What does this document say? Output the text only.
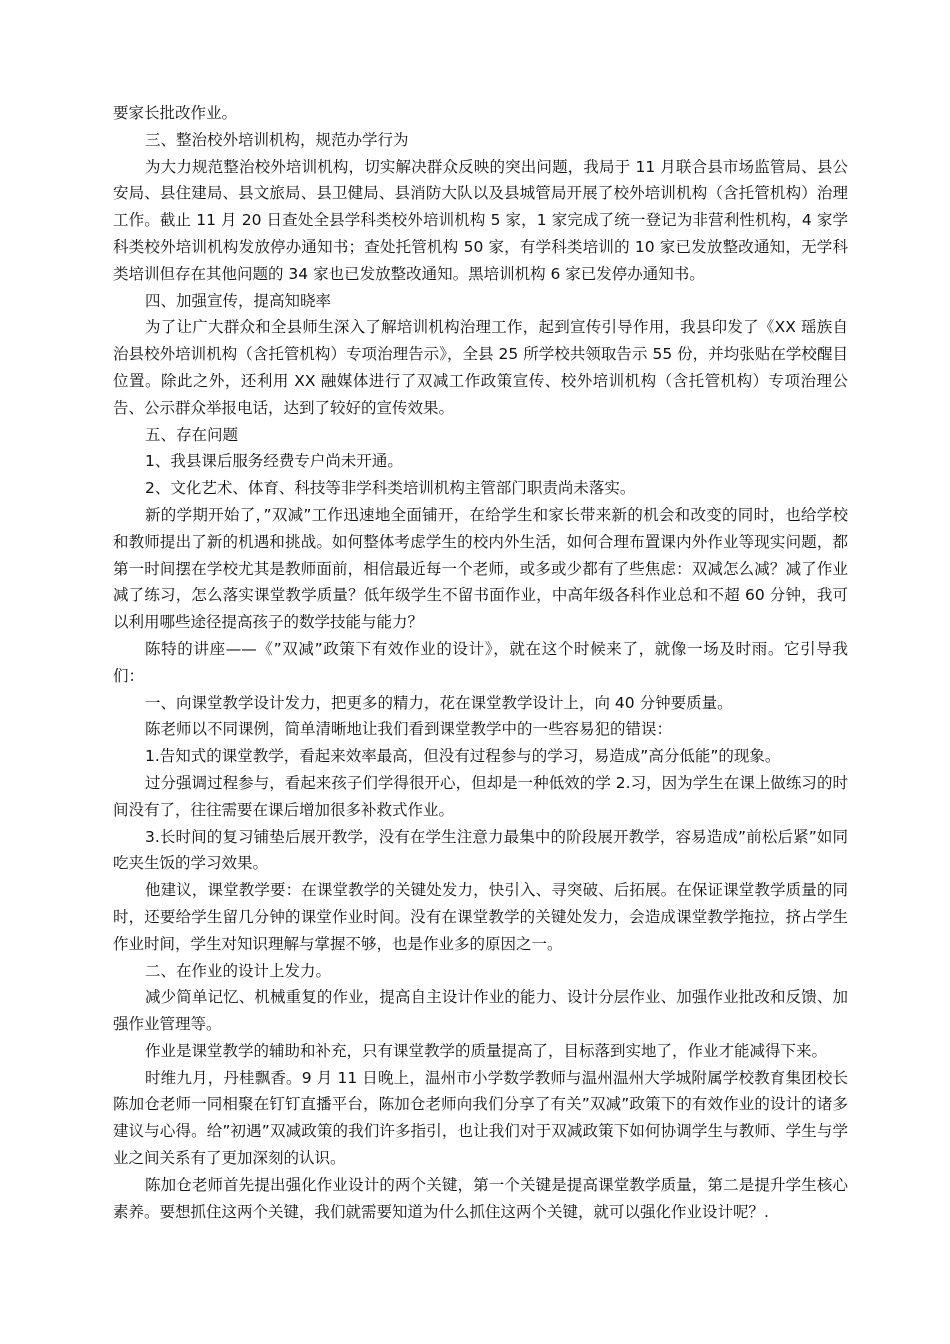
要家长批改作业。

三、整治校外培训机构，规范办学行为

为大力规范整治校外培训机构，切实解决群众反映的突出问题，我局于 11 月联合县市场监管局、县公安局、县住建局、县文旅局、县卫健局、县消防大队以及县城管局开展了校外培训机构（含托管机构）治理工作。截止 11 月 20 日查处全县学科类校外培训机构 5 家，1 家完成了统一登记为非营利性机构，4 家学科类校外培训机构发放停办通知书；查处托管机构 50 家，有学科类培训的 10 家已发放整改通知，无学科类培训但存在其他问题的 34 家也已发放整改通知。黑培训机构 6 家已发停办通知书。

四、加强宣传，提高知晓率

为了让广大群众和全县师生深入了解培训机构治理工作，起到宣传引导作用，我县印发了《XX 瑶族自治县校外培训机构（含托管机构）专项治理告示》，全县 25 所学校共领取告示 55 份，并均张贴在学校醒目位置。除此之外，还利用 XX 融媒体进行了双减工作政策宣传、校外培训机构（含托管机构）专项治理公告、公示群众举报电话，达到了较好的宣传效果。

五、存在问题

1、我县课后服务经费专户尚未开通。

2、文化艺术、体育、科技等非学科类培训机构主管部门职责尚未落实。

新的学期开始了，”双减”工作迅速地全面铺开，在给学生和家长带来新的机会和改变的同时，也给学校和教师提出了新的机遇和挑战。如何整体考虑学生的校内外生活，如何合理布置课内外作业等现实问题，都第一时间摆在学校尤其是教师面前，相信最近每一个老师，或多或少都有了些焦虑：双减怎么减？减了作业减了练习，怎么落实课堂教学质量？低年级学生不留书面作业，中高年级各科作业总和不超 60 分钟，我可以利用哪些途径提高孩子的数学技能与能力？

陈特的讲座——《”双减”政策下有效作业的设计》，就在这个时候来了，就像一场及时雨。它引导我们：

一、向课堂教学设计发力，把更多的精力，花在课堂教学设计上，向 40 分钟要质量。

陈老师以不同课例，简单清晰地让我们看到课堂教学中的一些容易犯的错误：

1.告知式的课堂教学，看起来效率最高，但没有过程参与的学习，易造成”高分低能”的现象。

过分强调过程参与，看起来孩子们学得很开心，但却是一种低效的学 2.习，因为学生在课上做练习的时间没有了，往往需要在课后增加很多补救式作业。

3.长时间的复习铺垫后展开教学，没有在学生注意力最集中的阶段展开教学，容易造成”前松后紧”如同吃夹生饭的学习效果。

他建议，课堂教学要：在课堂教学的关键处发力，快引入、寻突破、后拓展。在保证课堂教学质量的同时，还要给学生留几分钟的课堂作业时间。没有在课堂教学的关键处发力，会造成课堂教学拖拉，挤占学生作业时间，学生对知识理解与掌握不够，也是作业多的原因之一。

二、在作业的设计上发力。

减少简单记忆、机械重复的作业，提高自主设计作业的能力、设计分层作业、加强作业批改和反馈、加强作业管理等。

作业是课堂教学的辅助和补充，只有课堂教学的质量提高了，目标落到实地了，作业才能减得下来。

时维九月，丹桂飘香。9 月 11 日晚上，温州市小学数学教师与温州温州大学城附属学校教育集团校长陈加仓老师一同相聚在钉钉直播平台，陈加仓老师向我们分享了有关”双减”政策下的有效作业的设计的诸多建议与心得。给”初遇”双减政策的我们许多指引，也让我们对于双减政策下如何协调学生与教师、学生与学业之间关系有了更加深刻的认识。

陈加仓老师首先提出强化作业设计的两个关键，第一个关键是提高课堂教学质量，第二是提升学生核心素养。要想抓住这两个关键，我们就需要知道为什么抓住这两个关键，就可以强化作业设计呢？.
